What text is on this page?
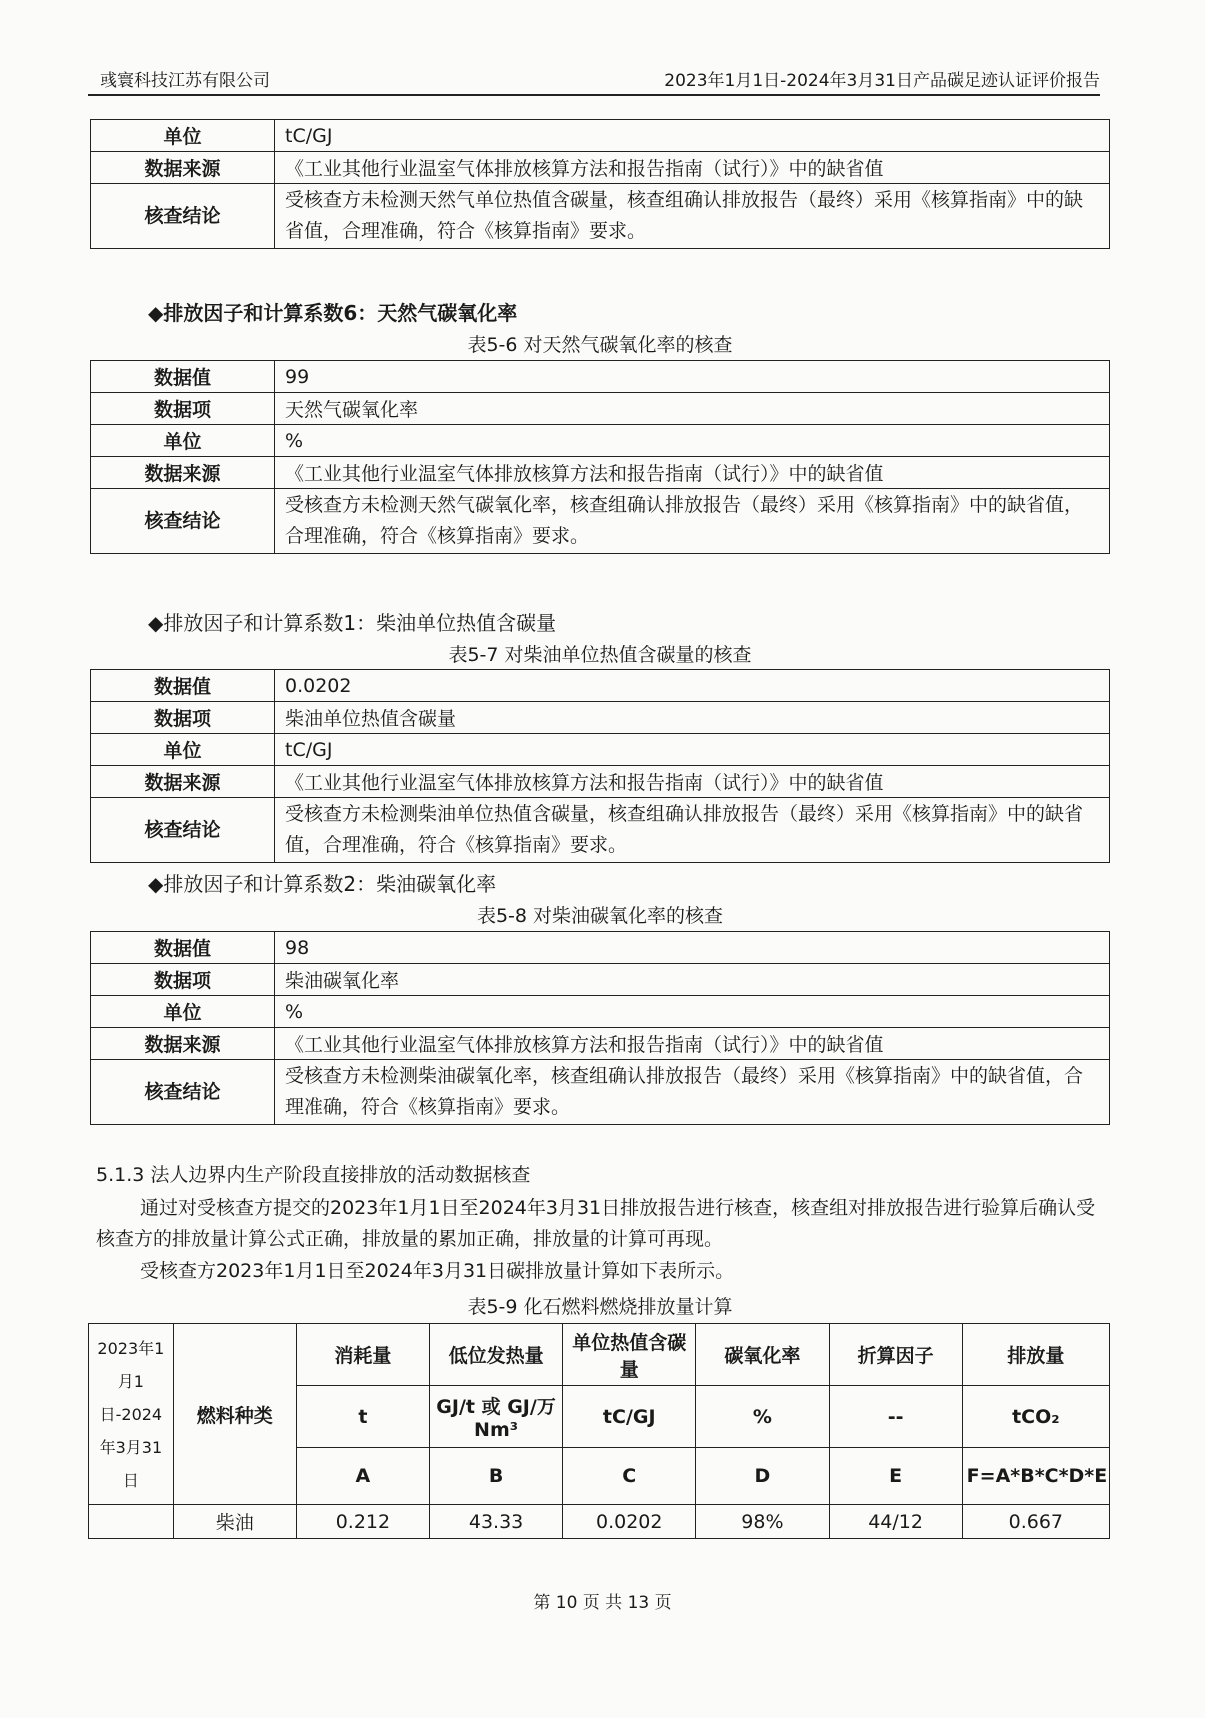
彧寰科技江苏有限公司	2023年1月1日-2024年3月31日产品碳足迹认证评价报告
单位	tC/GJ
数据来源	《工业其他行业温室气体排放核算方法和报告指南（试行）》中的缺省值
核查结论	受核查方未检测天然气单位热值含碳量，核查组确认排放报告（最终）采用《核算指南》中的缺省值，合理准确，符合《核算指南》要求。
◆排放因子和计算系数6：天然气碳氧化率
表5-6 对天然气碳氧化率的核查
数据值	99
数据项	天然气碳氧化率
单位	%
数据来源	《工业其他行业温室气体排放核算方法和报告指南（试行）》中的缺省值
核查结论	受核查方未检测天然气碳氧化率，核查组确认排放报告（最终）采用《核算指南》中的缺省值，合理准确，符合《核算指南》要求。
◆排放因子和计算系数1：柴油单位热值含碳量
表5-7 对柴油单位热值含碳量的核查
数据值	0.0202
数据项	柴油单位热值含碳量
单位	tC/GJ
数据来源	《工业其他行业温室气体排放核算方法和报告指南（试行）》中的缺省值
核查结论	受核查方未检测柴油单位热值含碳量，核查组确认排放报告（最终）采用《核算指南》中的缺省值，合理准确，符合《核算指南》要求。
◆排放因子和计算系数2：柴油碳氧化率
表5-8 对柴油碳氧化率的核查
数据值	98
数据项	柴油碳氧化率
单位	%
数据来源	《工业其他行业温室气体排放核算方法和报告指南（试行）》中的缺省值
核查结论	受核查方未检测柴油碳氧化率，核查组确认排放报告（最终）采用《核算指南》中的缺省值，合理准确，符合《核算指南》要求。
5.1.3 法人边界内生产阶段直接排放的活动数据核查
通过对受核查方提交的2023年1月1日至2024年3月31日排放报告进行核查，核查组对排放报告进行验算后确认受核查方的排放量计算公式正确，排放量的累加正确，排放量的计算可再现。
受核查方2023年1月1日至2024年3月31日碳排放量计算如下表所示。
表5-9 化石燃料燃烧排放量计算
2023年1月1日-2024年3月31日	燃料种类	消耗量	低位发热量	单位热值含碳量	碳氧化率	折算因子	排放量
		t	GJ/t 或 GJ/万 Nm³	tC/GJ	%	--	tCO₂
		A	B	C	D	E	F=A*B*C*D*E
	柴油	0.212	43.33	0.0202	98%	44/12	0.667
第 10 页 共 13 页
